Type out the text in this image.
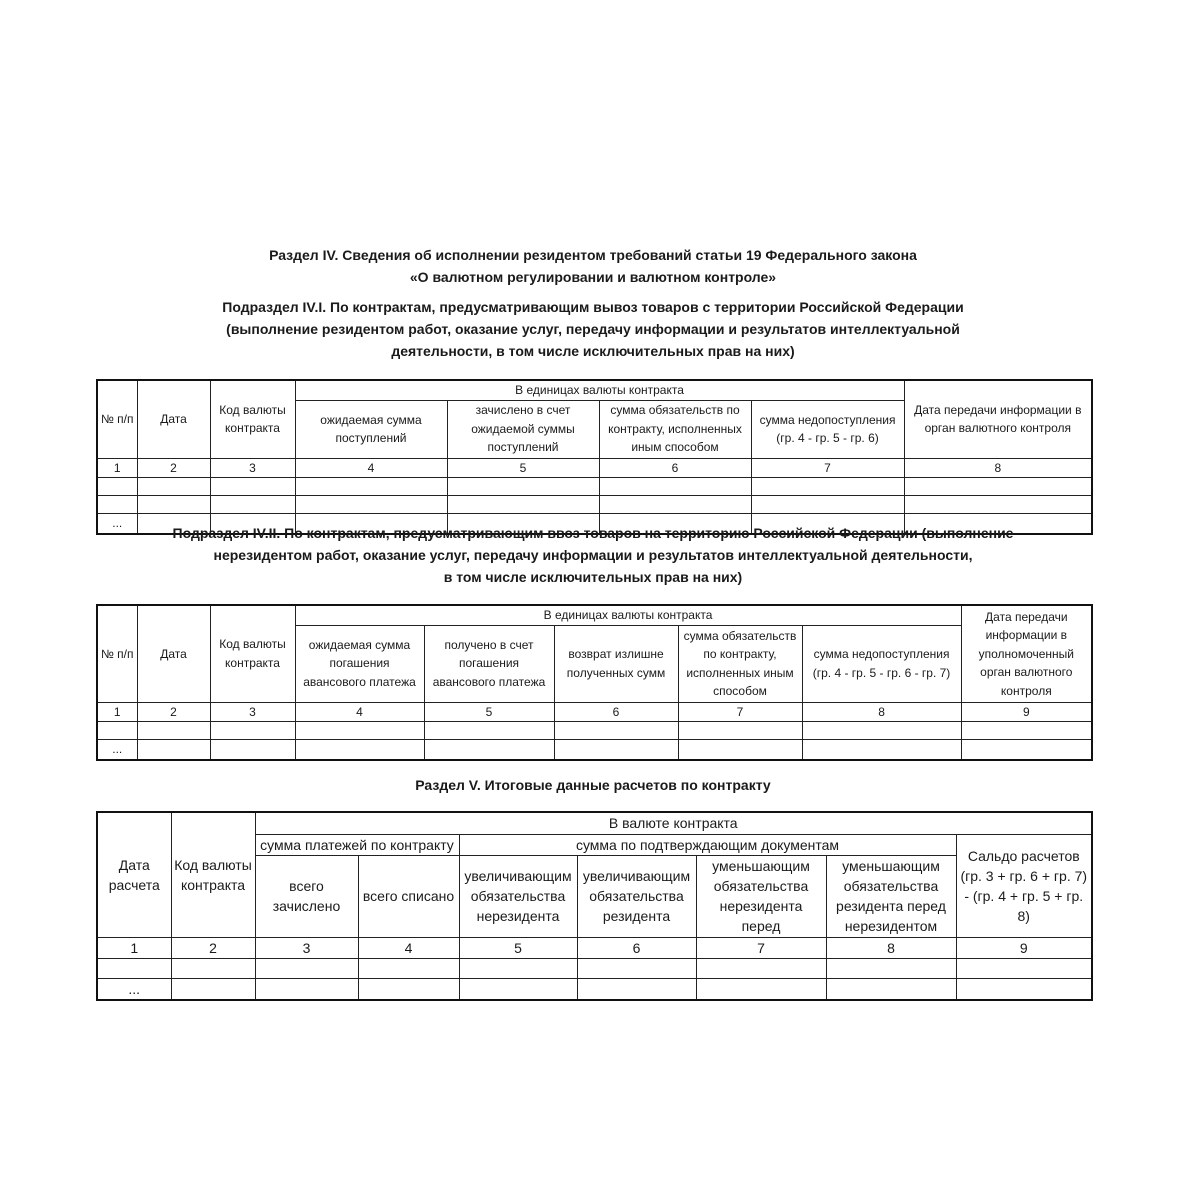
Раздел IV. Сведения об исполнении резидентом требований статьи 19 Федерального закона
«О валютном регулировании и валютном контроле»
Подраздел IV.I. По контрактам, предусматривающим вывоз товаров с территории Российской Федерации
(выполнение резидентом работ, оказание услуг, передачу информации и результатов интеллектуальной
деятельности, в том числе исключительных прав на них)
№ п/п	Дата	Код валюты контракта	В единицах валюты контракта				Дата передачи информации в орган валютного контроля
			ожидаемая сумма поступлений	зачислено в счет ожидаемой суммы поступлений	сумма обязательств по контракту, исполненных иным способом	сумма недопоступления (гр. 4 - гр. 5 - гр. 6)	
1	2	3	4	5	6	7	8

...							
Подраздел IV.II. По контрактам, предусматривающим ввоз товаров на территорию Российской Федерации (выполнение
нерезидентом работ, оказание услуг, передачу информации и результатов интеллектуальной деятельности,
в том числе исключительных прав на них)
№ п/п	Дата	Код валюты контракта	В единицах валюты контракта					Дата передачи информации в уполномоченный орган валютного контроля
			ожидаемая сумма погашения авансового платежа	получено в счет погашения авансового платежа	возврат излишне полученных сумм	сумма обязательств по контракту, исполненных иным способом	сумма недопоступления (гр. 4 - гр. 5 - гр. 6 - гр. 7)	
1	2	3	4	5	6	7	8	9

...								
Раздел V. Итоговые данные расчетов по контракту
Дата расчета	Код валюты контракта	В валюте контракта						
		сумма платежей по контракту		сумма по подтверждающим документам				Сальдо расчетов (гр. 3 + гр. 6 + гр. 7) - (гр. 4 + гр. 5 + гр. 8)
		всего зачислено	всего списано	увеличивающим обязательства нерезидента	увеличивающим обязательства резидента	уменьшающим обязательства нерезидента перед	уменьшающим обязательства резидента перед нерезидентом	
1	2	3	4	5	6	7	8	9

...								
